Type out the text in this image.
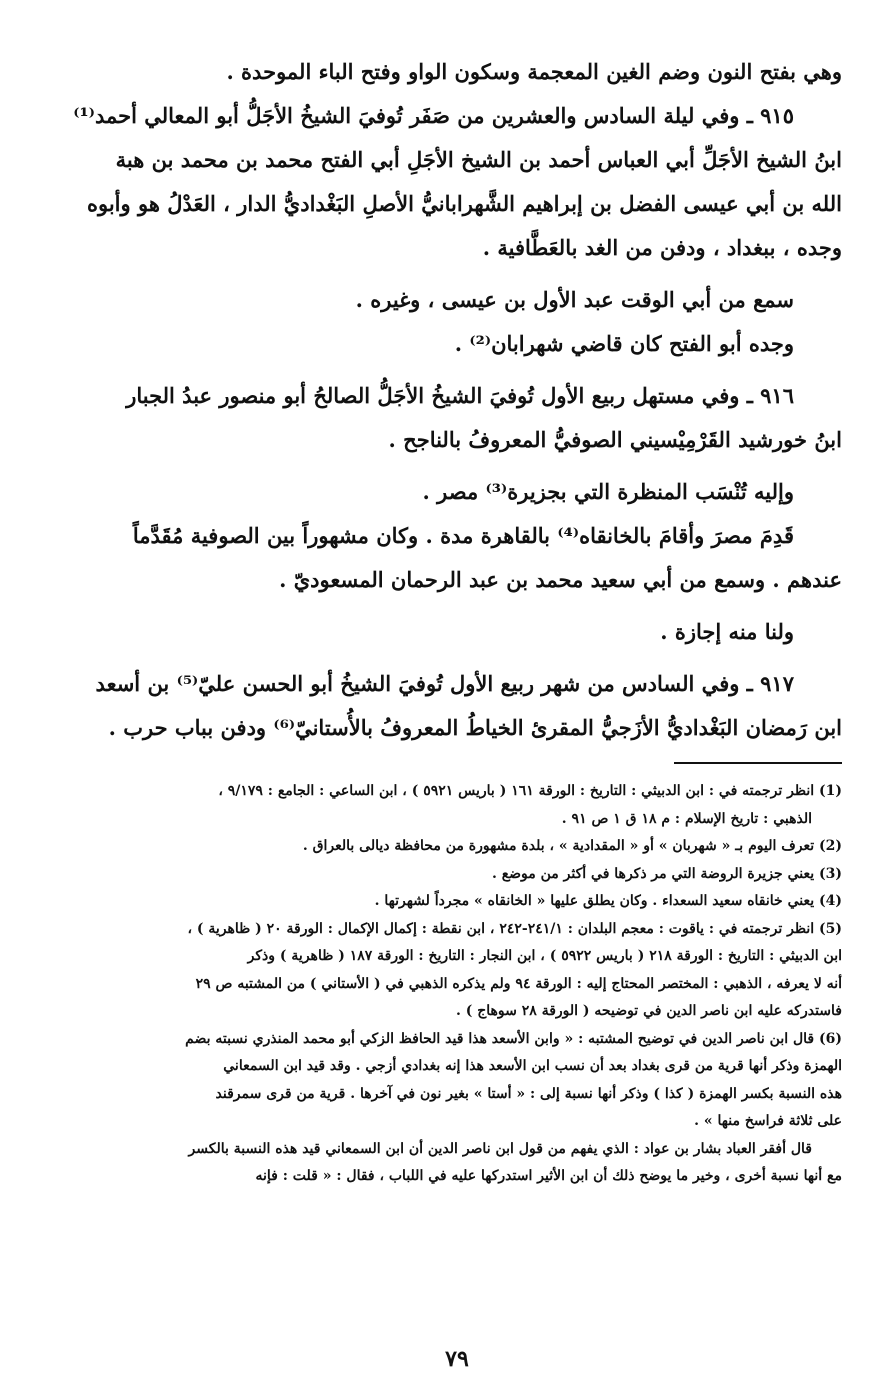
وهي بفتح النون وضم الغين المعجمة وسكون الواو وفتح الباء الموحدة .

٩١٥ ـ وفي ليلة السادس والعشرين من صَفَر تُوفيَ الشيخُ الأجَلُّ أبو المعالي أحمد⁽¹⁾

ابنُ الشيخ الأجَلِّ أبي العباس أحمد بن الشيخ الأجَلِ أبي الفتح محمد بن محمد بن هبة

الله بن أبي عيسى الفضل بن إبراهيم الشَّهرابانيُّ الأصلِ البَغْداديُّ الدار ، العَدْلُ هو وأبوه

وجده ، ببغداد ، ودفن من الغد بالعَطَّافية .

سمع من أبي الوقت عبد الأول بن عيسى ، وغيره .

وجده أبو الفتح كان قاضي شهرابان⁽²⁾ .

٩١٦ ـ وفي مستهل ربيع الأول تُوفيَ الشيخُ الأجَلُّ الصالحُ أبو منصور عبدُ الجبار

ابنُ خورشيد القَرْمِيْسيني الصوفيُّ المعروفُ بالناجح .

وإليه تُنْسَب المنظرة التي بجزيرة⁽³⁾ مصر .

قَدِمَ مصرَ وأقامَ بالخانقاه⁽⁴⁾ بالقاهرة مدة . وكان مشهوراً بين الصوفية مُقَدَّماً

عندهم . وسمع من أبي سعيد محمد بن عبد الرحمان المسعوديّ .

ولنا منه إجازة .

٩١٧ ـ وفي السادس من شهر ربيع الأول تُوفيَ الشيخُ أبو الحسن عليّ⁽⁵⁾ بن أسعد

ابن رَمضان البَغْداديُّ الأزَجيُّ المقرئ الخياطُ المعروفُ بالأُستانيّ⁽⁶⁾ ودفن بباب حرب .

(1) انظر ترجمته في : ابن الدبيثي : التاريخ : الورقة ١٦١ ( باريس ٥٩٢١ ) ، ابن الساعي : الجامع : ٩/١٧٩ ،

الذهبي : تاريخ الإسلام : م ١٨ ق ١ ص ٩١ .

(2) تعرف اليوم بـ « شهربان » أو « المقدادية » ، بلدة مشهورة من محافظة ديالى بالعراق .

(3) يعني جزيرة الروضة التي مر ذكرها في أكثر من موضع .

(4) يعني خانقاه سعيد السعداء . وكان يطلق عليها « الخانقاه » مجرداً لشهرتها .

(5) انظر ترجمته في : ياقوت : معجم البلدان : ٢٤١/١-٢٤٢ ، ابن نقطة : إكمال الإكمال : الورقة ٢٠ ( ظاهرية ) ،

ابن الدبيثي : التاريخ : الورقة ٢١٨ ( باريس ٥٩٢٢ ) ، ابن النجار : التاريخ : الورقة ١٨٧ ( ظاهرية ) وذكر

أنه لا يعرفه ، الذهبي : المختصر المحتاج إليه : الورقة ٩٤ ولم يذكره الذهبي في ( الأستاني ) من المشتبه ص ٢٩

فاستدركه عليه ابن ناصر الدين في توضيحه ( الورقة ٢٨ سوهاج ) .

(6) قال ابن ناصر الدين في توضيح المشتبه : « وابن الأسعد هذا قيد الحافظ الزكي أبو محمد المنذري نسبته بضم

الهمزة وذكر أنها قرية من قرى بغداد بعد أن نسب ابن الأسعد هذا إنه بغدادي أزجي . وقد قيد ابن السمعاني

هذه النسبة بكسر الهمزة ( كذا ) وذكر أنها نسبة إلى : « أستا » بغير نون في آخرها . قرية من قرى سمرقند

على ثلاثة فراسخ منها » .

قال أفقر العباد بشار بن عواد : الذي يفهم من قول ابن ناصر الدين أن ابن السمعاني قيد هذه النسبة بالكسر

مع أنها نسبة أخرى ، وخير ما يوضح ذلك أن ابن الأثير استدركها عليه في اللباب ، فقال : « قلت : فإنه

٧٩
